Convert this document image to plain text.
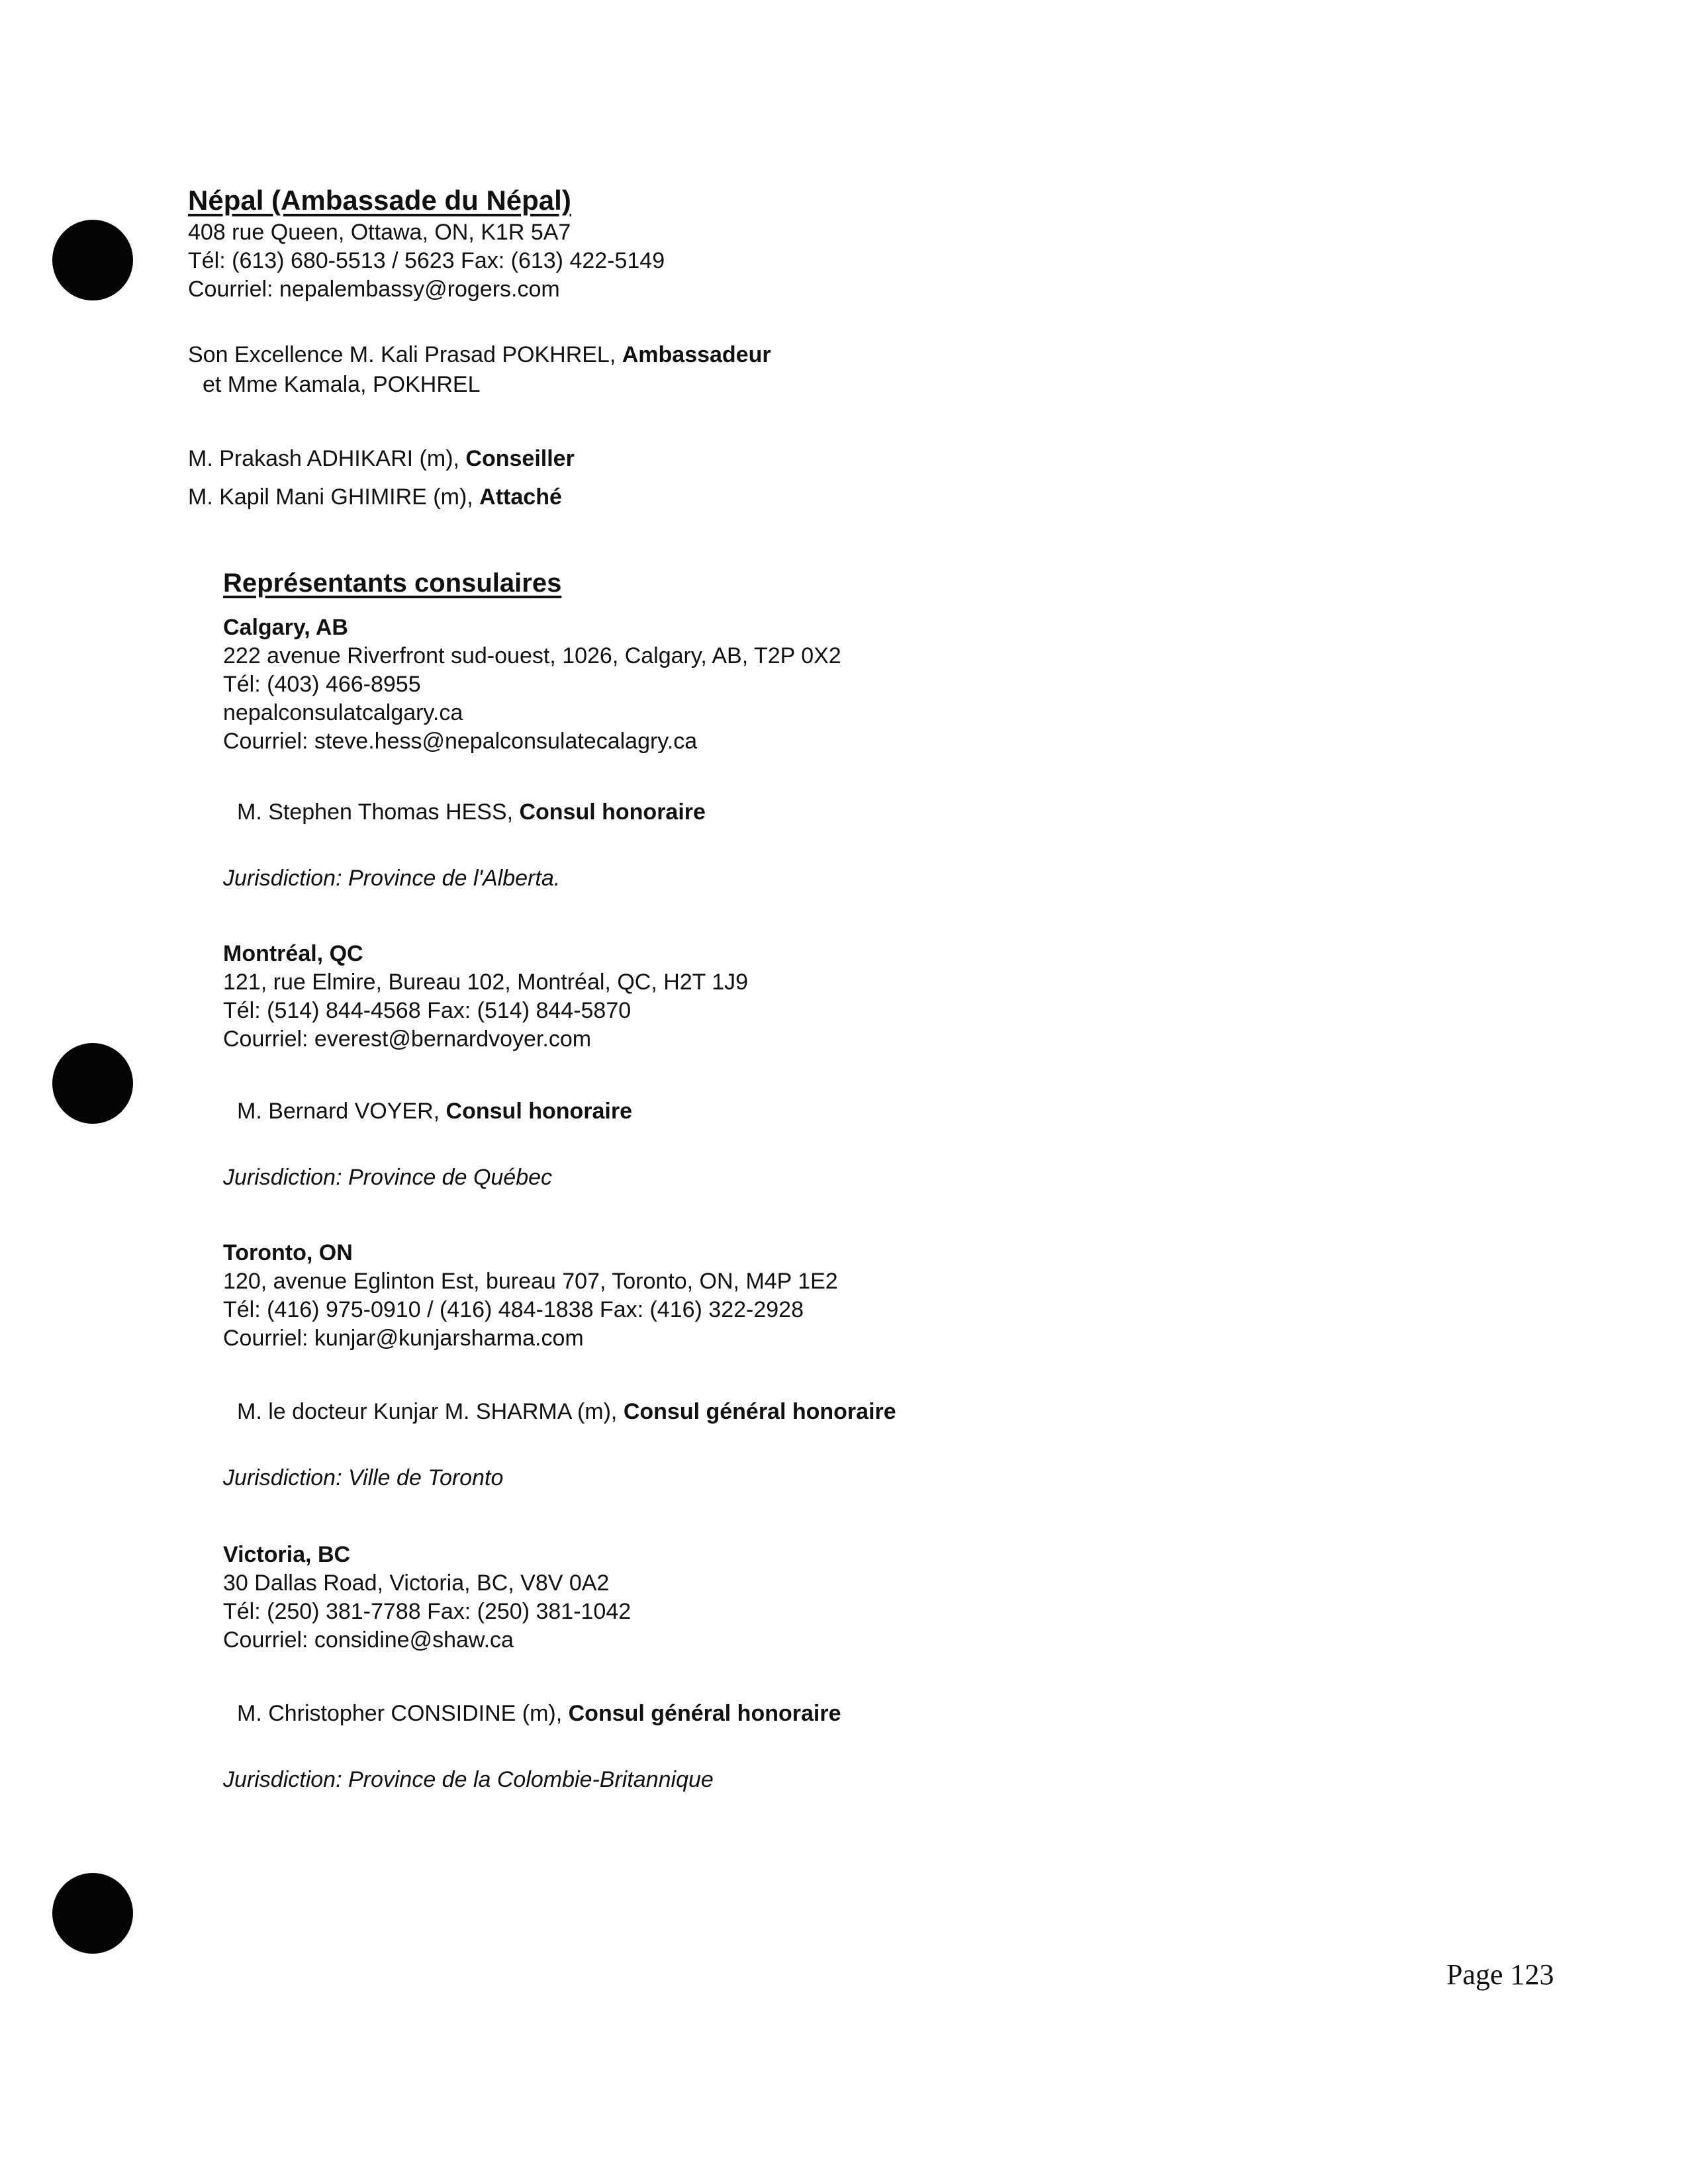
Népal (Ambassade du Népal)

408 rue Queen, Ottawa, ON, K1R 5A7

Tél: (613) 680-5513 / 5623 Fax: (613) 422-5149

Courriel: nepalembassy@rogers.com

Son Excellence M. Kali Prasad POKHREL, Ambassadeur

et Mme Kamala, POKHREL

M. Prakash ADHIKARI (m), Conseiller

M. Kapil Mani GHIMIRE (m), Attaché

Représentants consulaires

Calgary, AB

222 avenue Riverfront sud-ouest, 1026, Calgary, AB, T2P 0X2

Tél: (403) 466-8955

nepalconsulatcalgary.ca

Courriel: steve.hess@nepalconsulatecalagry.ca

M. Stephen Thomas HESS, Consul honoraire

Jurisdiction: Province de l'Alberta.

Montréal, QC

121, rue Elmire, Bureau 102, Montréal, QC, H2T 1J9

Tél: (514) 844-4568 Fax: (514) 844-5870

Courriel: everest@bernardvoyer.com

M. Bernard VOYER, Consul honoraire

Jurisdiction: Province de Québec

Toronto, ON

120, avenue Eglinton Est, bureau 707, Toronto, ON, M4P 1E2

Tél: (416) 975-0910 / (416) 484-1838 Fax: (416) 322-2928

Courriel: kunjar@kunjarsharma.com

M. le docteur Kunjar M. SHARMA (m), Consul général honoraire

Jurisdiction: Ville de Toronto

Victoria, BC

30 Dallas Road, Victoria, BC, V8V 0A2

Tél: (250) 381-7788 Fax: (250) 381-1042

Courriel: considine@shaw.ca

M. Christopher CONSIDINE (m), Consul général honoraire

Jurisdiction: Province de la Colombie-Britannique

Page 123
